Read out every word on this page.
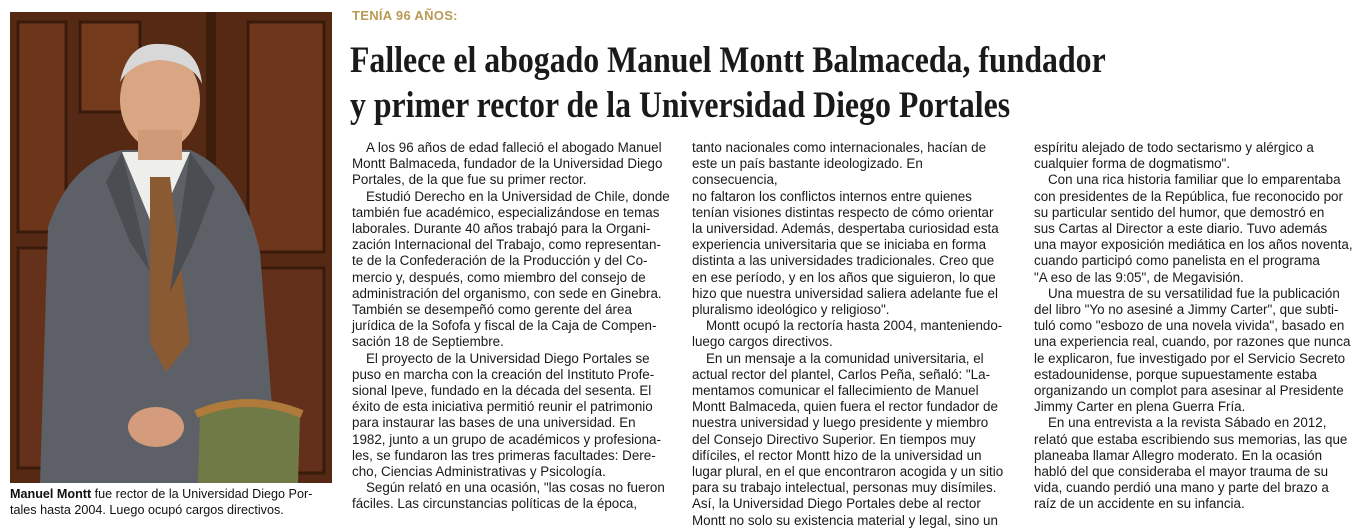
Manuel Montt fue rector de la Universidad Diego Por-
tales hasta 2004. Luego ocupó cargos directivos.
TENÍA 96 AÑOS:
Fallece el abogado Manuel Montt Balmaceda, fundador
y primer rector de la Universidad Diego Portales

A los 96 años de edad falleció el abogado Manuel
Montt Balmaceda, fundador de la Universidad Diego
Portales, de la que fue su primer rector.

Estudió Derecho en la Universidad de Chile, donde
también fue académico, especializándose en temas
laborales. Durante 40 años trabajó para la Organi-
zación Internacional del Trabajo, como representan-
te de la Confederación de la Producción y del Co-
mercio y, después, como miembro del consejo de
administración del organismo, con sede en Ginebra.
También se desempeñó como gerente del área
jurídica de la Sofofa y fiscal de la Caja de Compen-
sación 18 de Septiembre.

El proyecto de la Universidad Diego Portales se
puso en marcha con la creación del Instituto Profe-
sional Ipeve, fundado en la década del sesenta. El
éxito de esta iniciativa permitió reunir el patrimonio
para instaurar las bases de una universidad. En
1982, junto a un grupo de académicos y profesiona-
les, se fundaron las tres primeras facultades: Dere-
cho, Ciencias Administrativas y Psicología.

Según relató en una ocasión, "las cosas no fueron
fáciles. Las circunstancias políticas de la época,

tanto nacionales como internacionales, hacían de
este un país bastante ideologizado. En consecuencia,
no faltaron los conflictos internos entre quienes
tenían visiones distintas respecto de cómo orientar
la universidad. Además, despertaba curiosidad esta
experiencia universitaria que se iniciaba en forma
distinta a las universidades tradicionales. Creo que
en ese período, y en los años que siguieron, lo que
hizo que nuestra universidad saliera adelante fue el
pluralismo ideológico y religioso".

Montt ocupó la rectoría hasta 2004, manteniendo-
luego cargos directivos.

En un mensaje a la comunidad universitaria, el
actual rector del plantel, Carlos Peña, señaló: "La-
mentamos comunicar el fallecimiento de Manuel
Montt Balmaceda, quien fuera el rector fundador de
nuestra universidad y luego presidente y miembro
del Consejo Directivo Superior. En tiempos muy
difíciles, el rector Montt hizo de la universidad un
lugar plural, en el que encontraron acogida y un sitio
para su trabajo intelectual, personas muy disímiles.
Así, la Universidad Diego Portales debe al rector
Montt no solo su existencia material y legal, sino un

espíritu alejado de todo sectarismo y alérgico a
cualquier forma de dogmatismo".

Con una rica historia familiar que lo emparentaba
con presidentes de la República, fue reconocido por
su particular sentido del humor, que demostró en
sus Cartas al Director a este diario. Tuvo además
una mayor exposición mediática en los años noventa,
cuando participó como panelista en el programa
"A eso de las 9:05", de Megavisión.

Una muestra de su versatilidad fue la publicación
del libro "Yo no asesiné a Jimmy Carter", que subti-
tuló como "esbozo de una novela vivida", basado en
una experiencia real, cuando, por razones que nunca
le explicaron, fue investigado por el Servicio Secreto
estadounidense, porque supuestamente estaba
organizando un complot para asesinar al Presidente
Jimmy Carter en plena Guerra Fría.

En una entrevista a la revista Sábado en 2012,
relató que estaba escribiendo sus memorias, las que
planeaba llamar Allegro moderato. En la ocasión
habló del que consideraba el mayor trauma de su
vida, cuando perdió una mano y parte del brazo a
raíz de un accidente en su infancia.
